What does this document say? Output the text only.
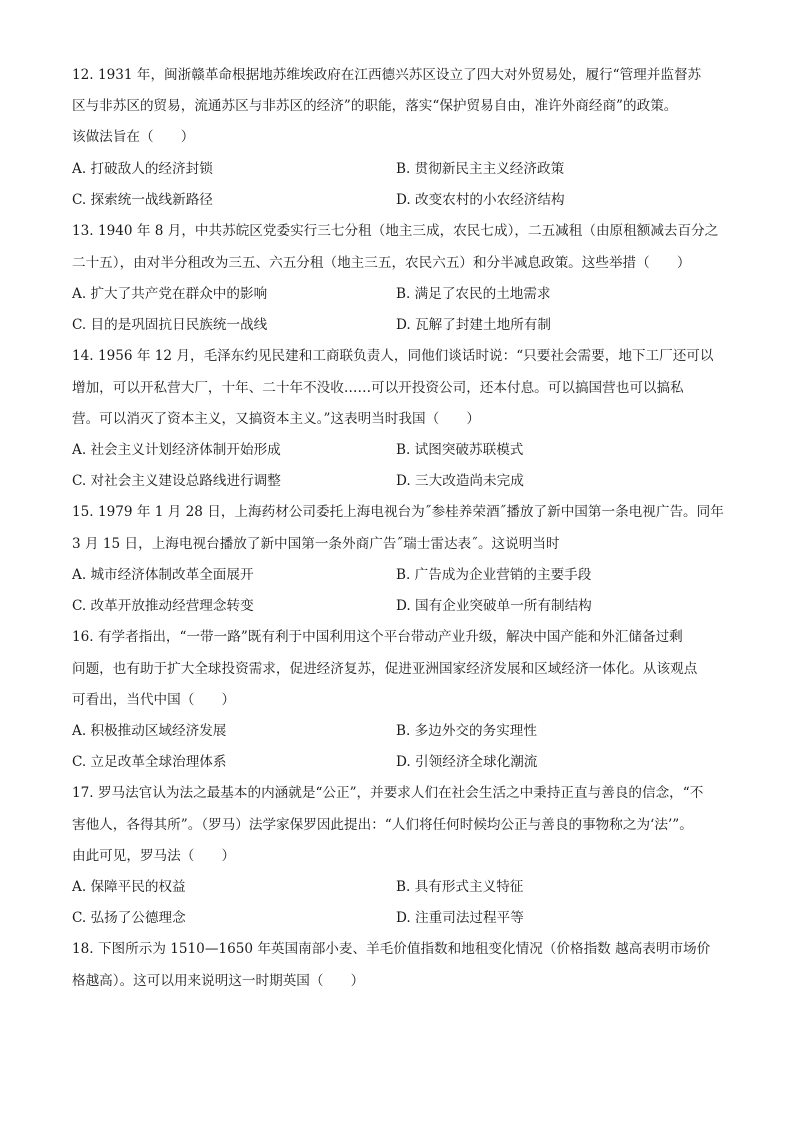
12. 1931 年，闽浙赣革命根据地苏维埃政府在江西德兴苏区设立了四大对外贸易处，履行“管理并监督苏
区与非苏区的贸易，流通苏区与非苏区的经济”的职能，落实“保护贸易自由，准许外商经商”的政策。
该做法旨在（　　）
A. 打破敌人的经济封锁	B. 贯彻新民主主义经济政策
C. 探索统一战线新路径	D. 改变农村的小农经济结构
13. 1940 年 8 月，中共苏皖区党委实行三七分租（地主三成，农民七成），二五减租（由原租额减去百分之
二十五），由对半分租改为三五、六五分租（地主三五，农民六五）和分半减息政策。这些举措（　　）
A. 扩大了共产党在群众中的影响	B. 满足了农民的土地需求
C. 目的是巩固抗日民族统一战线	D. 瓦解了封建土地所有制
14. 1956 年 12 月，毛泽东约见民建和工商联负责人，同他们谈话时说：“只要社会需要，地下工厂还可以
增加，可以开私营大厂，十年、二十年不没收……可以开投资公司，还本付息。可以搞国营也可以搞私
营。可以消灭了资本主义，又搞资本主义。”这表明当时我国（　　）
A. 社会主义计划经济体制开始形成	B. 试图突破苏联模式
C. 对社会主义建设总路线进行调整	D. 三大改造尚未完成
15. 1979 年 1 月 28 日，上海药材公司委托上海电视台为˝参桂养荣酒˝播放了新中国第一条电视广告。同年
3 月 15 日，上海电视台播放了新中国第一条外商广告˝瑞士雷达表˝。这说明当时
A. 城市经济体制改革全面展开	B. 广告成为企业营销的主要手段
C. 改革开放推动经营理念转变	D. 国有企业突破单一所有制结构
16. 有学者指出，“一带一路”既有利于中国利用这个平台带动产业升级，解决中国产能和外汇储备过剩
问题，也有助于扩大全球投资需求，促进经济复苏，促进亚洲国家经济发展和区域经济一体化。从该观点
可看出，当代中国（　　）
A. 积极推动区域经济发展	B. 多边外交的务实理性
C. 立足改革全球治理体系	D. 引领经济全球化潮流
17. 罗马法官认为法之最基本的内涵就是“公正”，并要求人们在社会生活之中秉持正直与善良的信念，“不
害他人，各得其所”。（罗马）法学家保罗因此提出：“人们将任何时候均公正与善良的事物称之为‘法’”。
由此可见，罗马法（　　）
A. 保障平民的权益	B. 具有形式主义特征
C. 弘扬了公德理念	D. 注重司法过程平等
18. 下图所示为 1510—1650 年英国南部小麦、羊毛价值指数和地租变化情况（价格指数 越高表明市场价
格越高）。这可以用来说明这一时期英国（　　）
